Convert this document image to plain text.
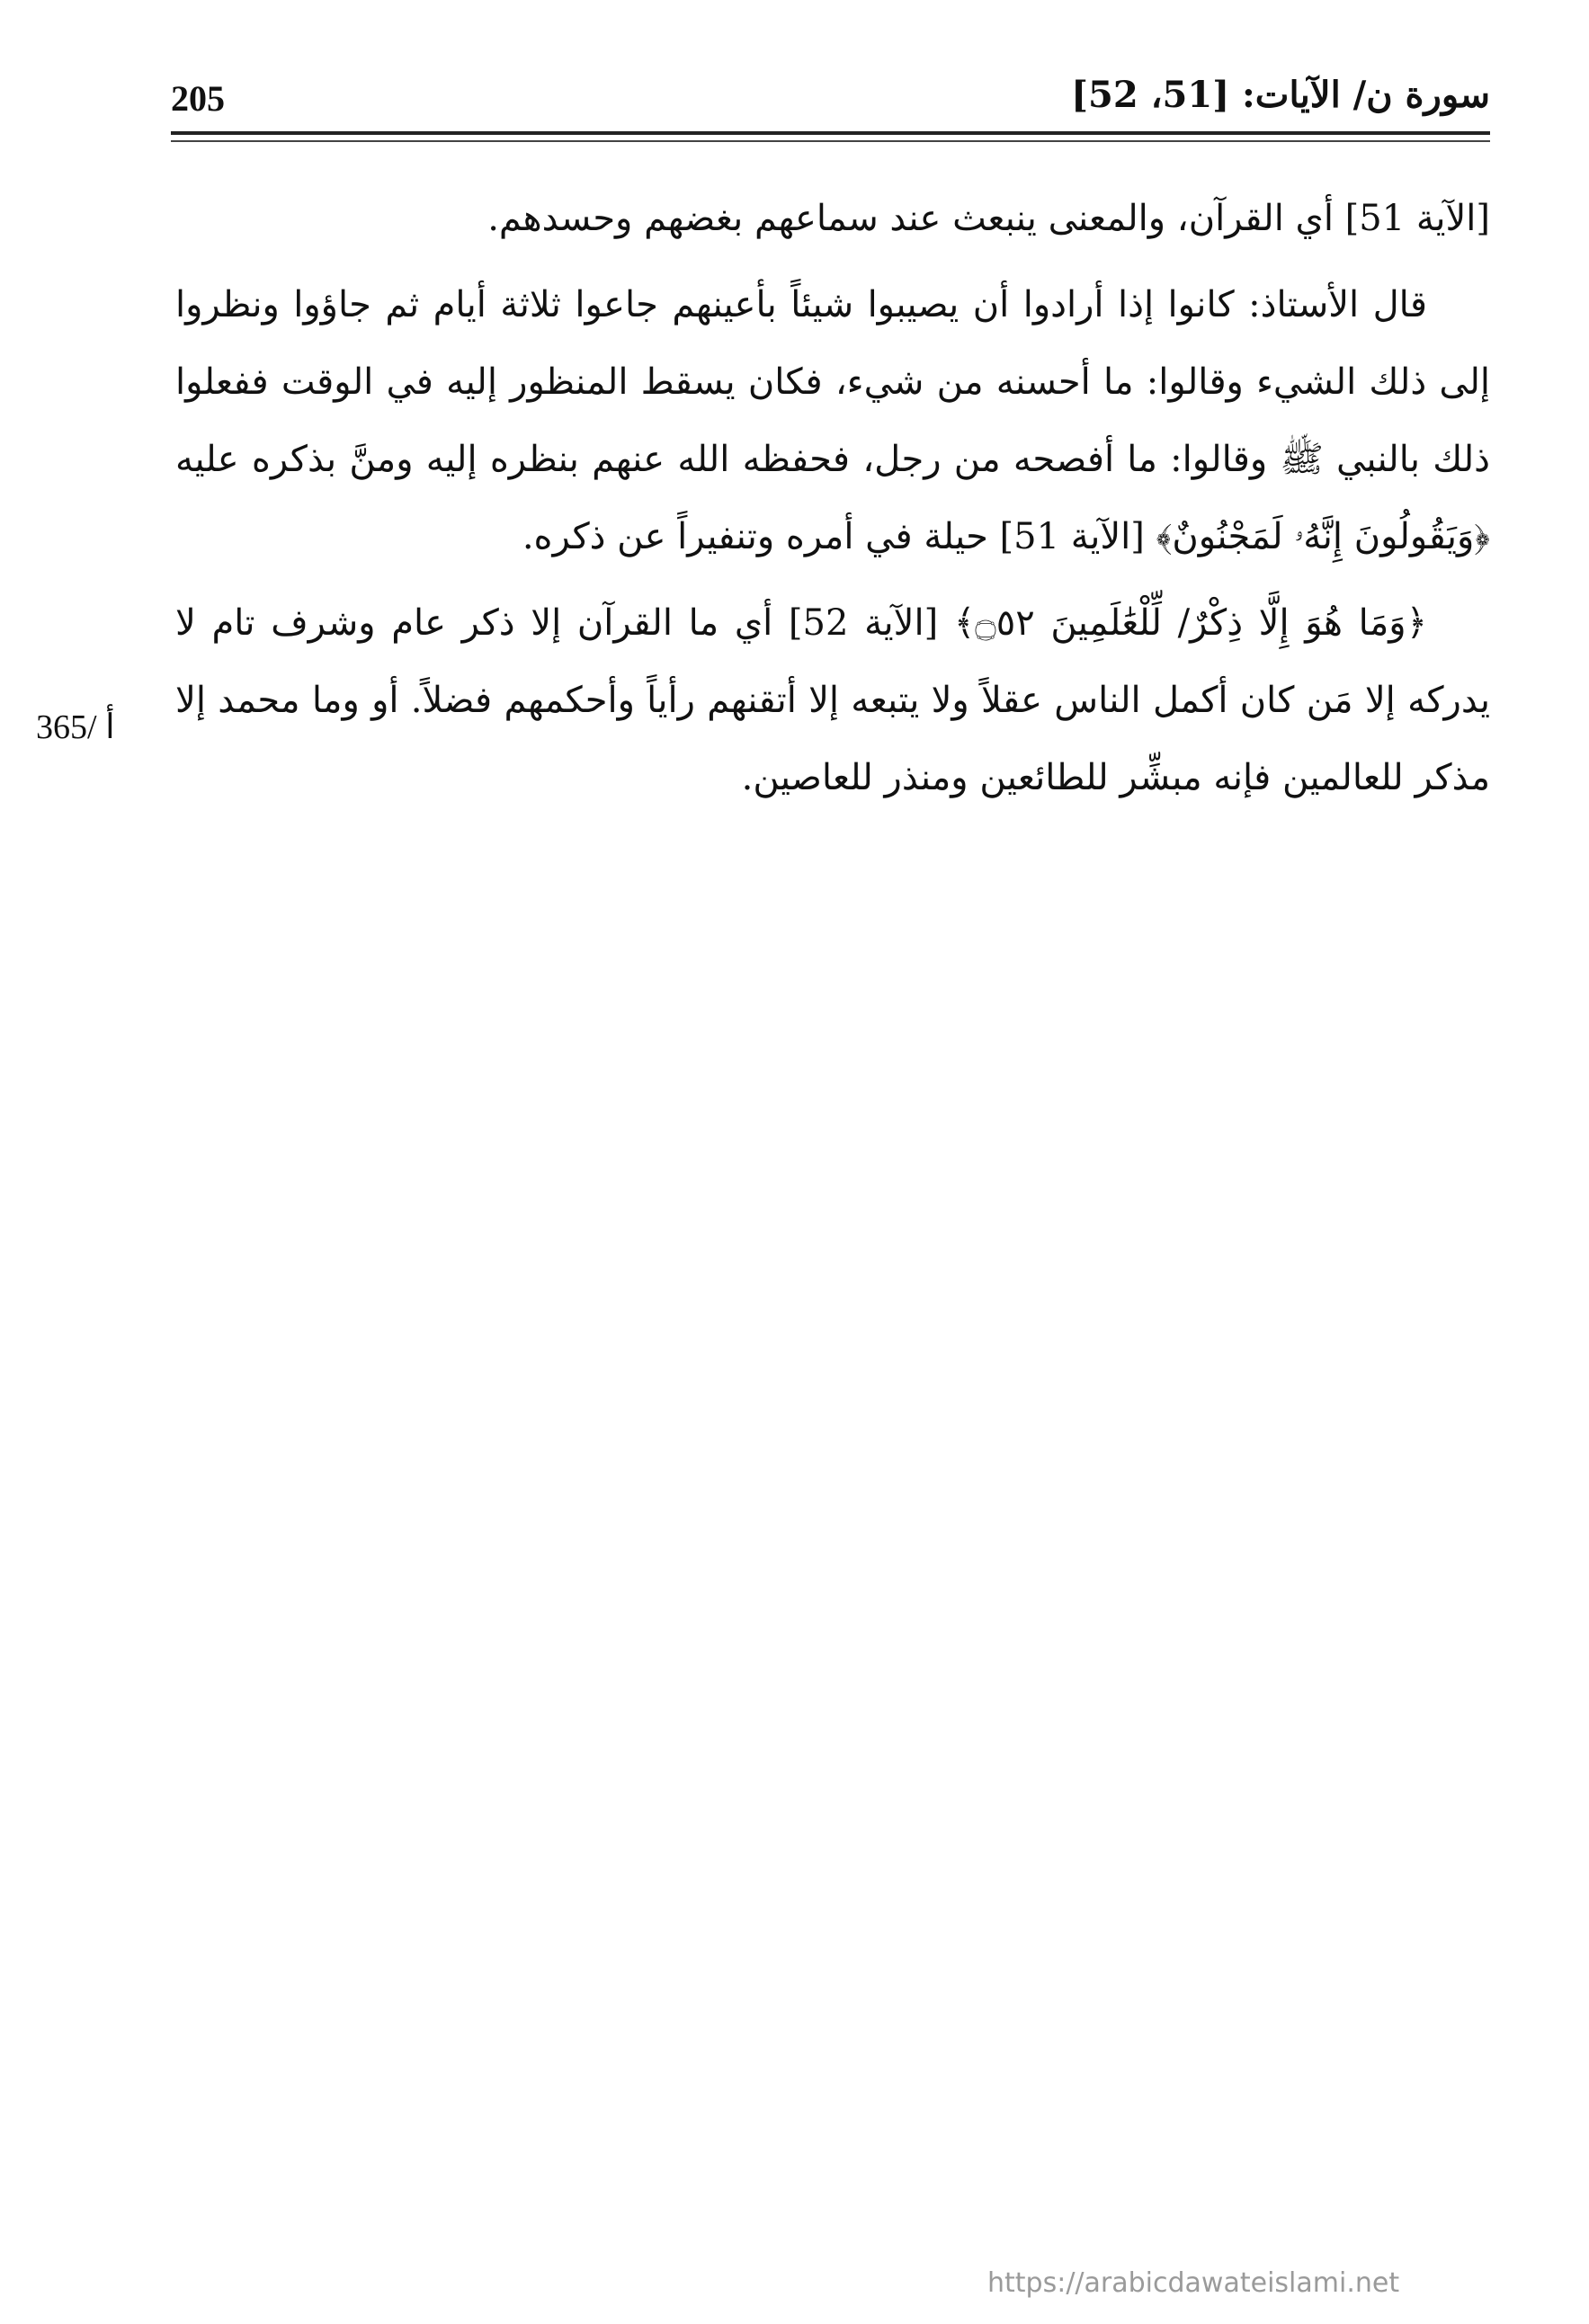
205	سورة ن/ الآيات: [51، 52]
365/ أ

[الآية 51] أي القرآن، والمعنى ينبعث عند سماعهم بغضهم وحسدهم.

قال الأستاذ: كانوا إذا أرادوا أن يصيبوا شيئاً بأعينهم جاعوا ثلاثة أيام ثم جاؤوا ونظروا إلى ذلك الشيء وقالوا: ما أحسنه من شيء، فكان يسقط المنظور إليه في الوقت ففعلوا ذلك بالنبي ﷺ وقالوا: ما أفصحه من رجل، فحفظه الله عنهم بنظره إليه ومنَّ بذكره عليه ﴿وَيَقُولُونَ إِنَّهُۥ لَمَجْنُونٌ﴾ [الآية 51] حيلة في أمره وتنفيراً عن ذكره.

﴿وَمَا هُوَ إِلَّا ذِكْرٌ/ لِّلْعَٰلَمِينَ ۝٥٢﴾ [الآية 52] أي ما القرآن إلا ذكر عام وشرف تام لا يدركه إلا مَن كان أكمل الناس عقلاً ولا يتبعه إلا أتقنهم رأياً وأحكمهم فضلاً. أو وما محمد إلا مذكر للعالمين فإنه مبشِّر للطائعين ومنذر للعاصين.

https://arabicdawateislami.net
